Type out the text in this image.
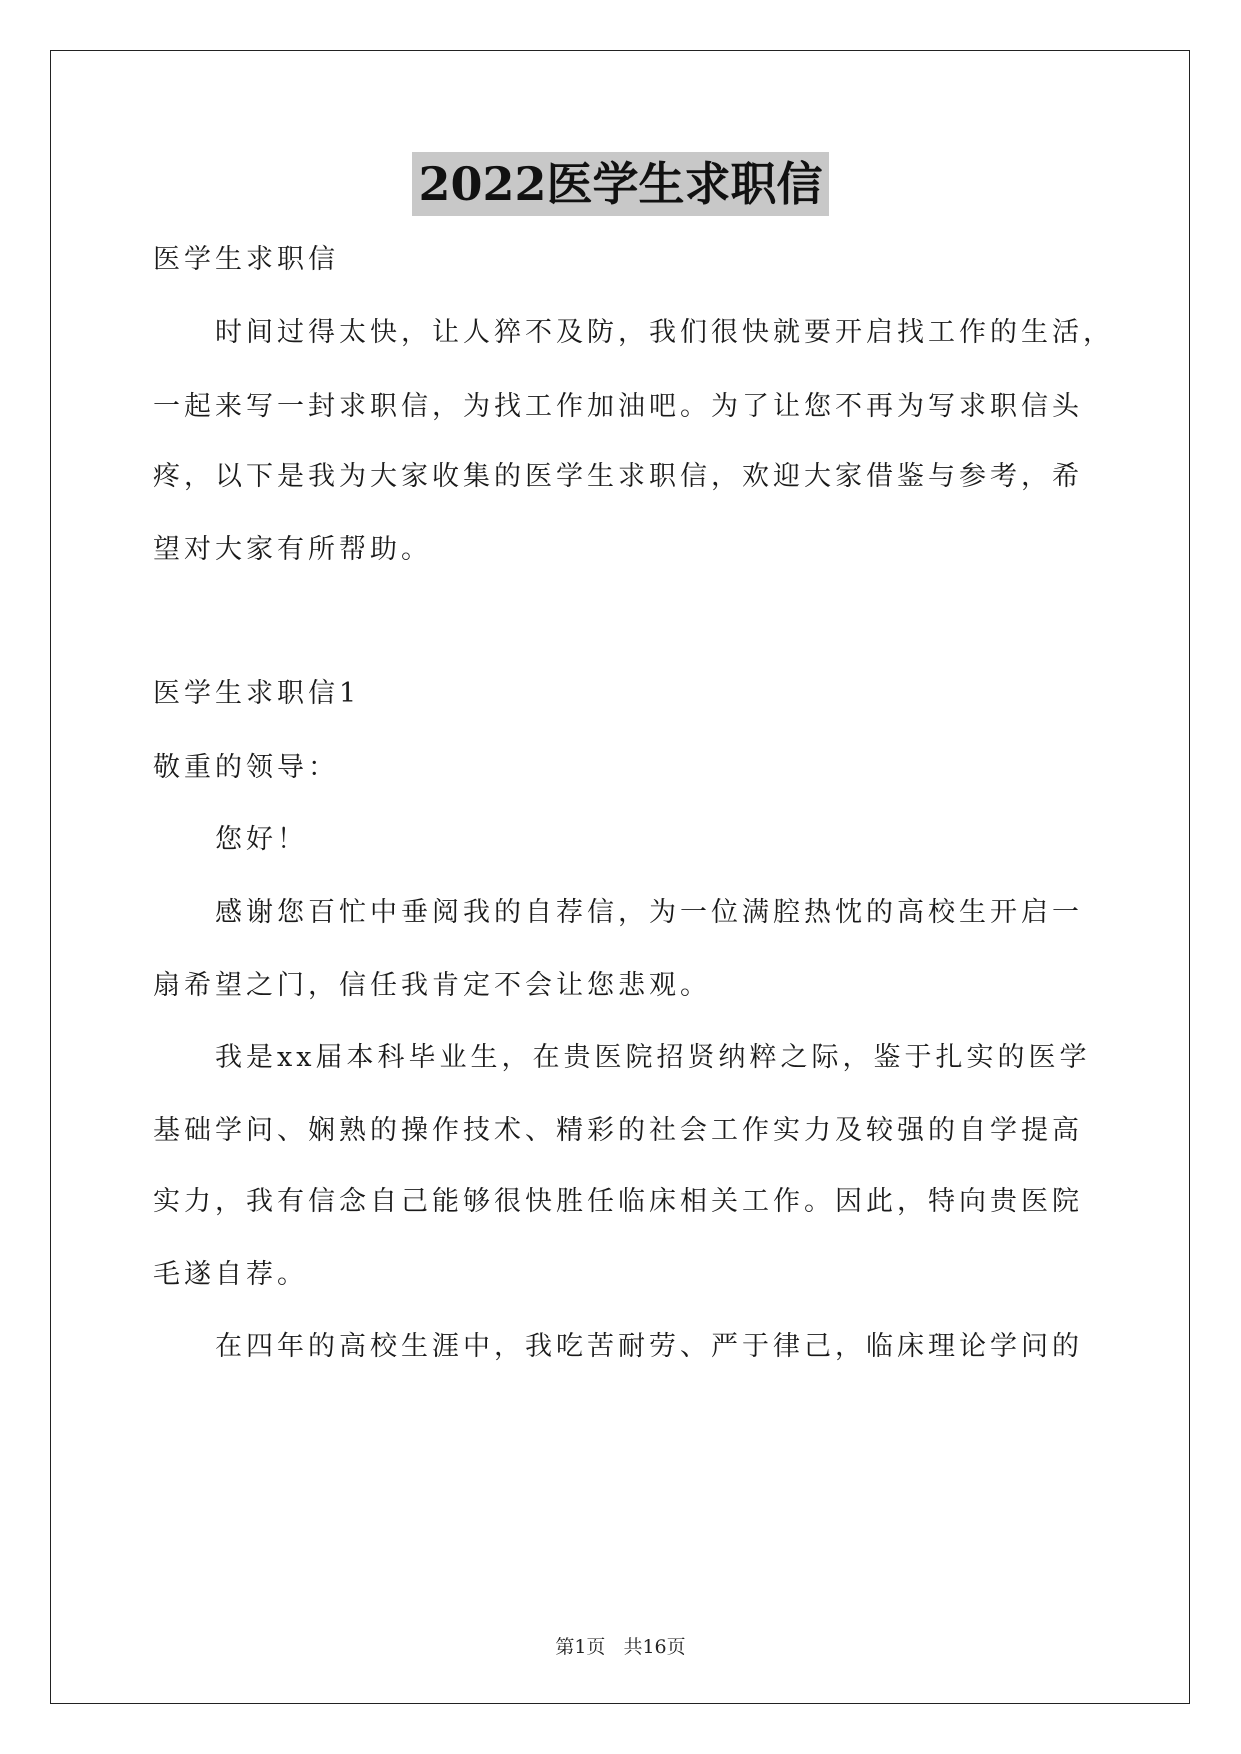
2022医学生求职信

医学生求职信

时间过得太快，让人猝不及防，我们很快就要开启找工作的生活，

一起来写一封求职信，为找工作加油吧。为了让您不再为写求职信头

疼，以下是我为大家收集的医学生求职信，欢迎大家借鉴与参考，希

望对大家有所帮助。

医学生求职信1

敬重的领导：

您好！

感谢您百忙中垂阅我的自荐信，为一位满腔热忱的高校生开启一

扇希望之门，信任我肯定不会让您悲观。

我是xx届本科毕业生，在贵医院招贤纳粹之际，鉴于扎实的医学

基础学问、娴熟的操作技术、精彩的社会工作实力及较强的自学提高

实力，我有信念自己能够很快胜任临床相关工作。因此，特向贵医院

毛遂自荐。

在四年的高校生涯中，我吃苦耐劳、严于律己，临床理论学问的

第1页 共16页
